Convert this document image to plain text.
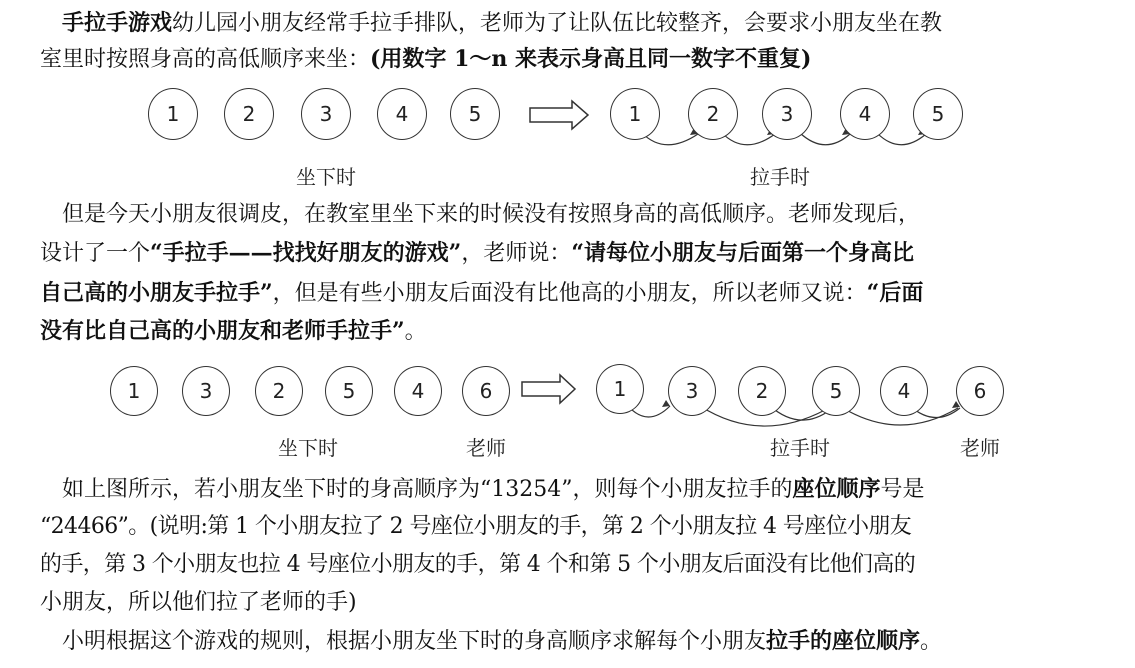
手拉手游戏幼儿园小朋友经常手拉手排队，老师为了让队伍比较整齐，会要求小朋友坐在教
室里时按照身高的高低顺序来坐：(用数字 1～n 来表示身高且同一数字不重复)
1	2	3	4	5	1	2	3	4	5
坐下时	拉手时
但是今天小朋友很调皮，在教室里坐下来的时候没有按照身高的高低顺序。老师发现后，
设计了一个“手拉手——找找好朋友的游戏”，老师说：“请每位小朋友与后面第一个身高比
自己高的小朋友手拉手”，但是有些小朋友后面没有比他高的小朋友，所以老师又说：“后面
没有比自己高的小朋友和老师手拉手”。
1	3	2	5	4	6	1	3	2	5	4	6
坐下时	老师	拉手时	老师
如上图所示，若小朋友坐下时的身高顺序为“13254”，则每个小朋友拉手的座位顺序号是
“24466”。(说明:第 1 个小朋友拉了 2 号座位小朋友的手，第 2 个小朋友拉 4 号座位小朋友
的手，第 3 个小朋友也拉 4 号座位小朋友的手，第 4 个和第 5 个小朋友后面没有比他们高的
小朋友，所以他们拉了老师的手)
小明根据这个游戏的规则，根据小朋友坐下时的身高顺序求解每个小朋友拉手的座位顺序。
